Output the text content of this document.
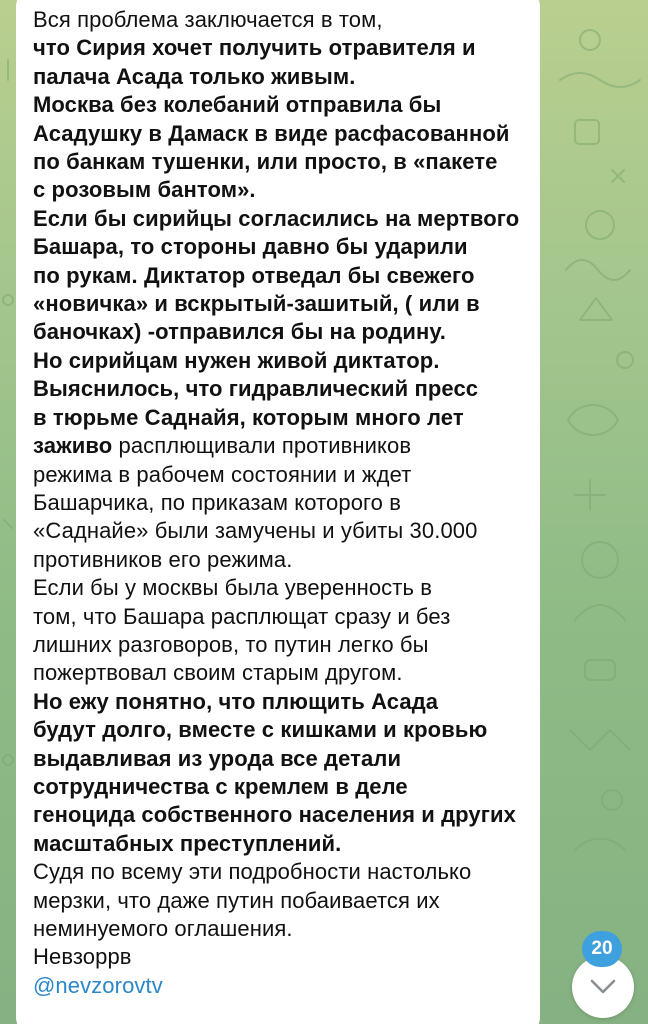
Вся проблема заключается в том,
что Сирия хочет получить отравителя и
палача Асада только живым.
Москва без колебаний отправила бы
Асадушку в Дамаск в виде расфасованной
по банкам тушенки, или просто, в «пакете
с розовым бантом».
Если бы сирийцы согласились на мертвого
Башара, то стороны давно бы ударили
по рукам. Диктатор отведал бы свежего
«новичка» и вскрытый-зашитый, ( или в
баночках) -отправился бы на родину.
Но сирийцам нужен живой диктатор.
Выяснилось, что гидравлический пресс
в тюрьме Саднайя, которым много лет
заживо расплющивали противников
режима в рабочем состоянии и ждет
Башарчика, по приказам которого в
«Саднайе» были замучены и убиты 30.000
противников его режима.
Если бы у москвы была уверенность в
том, что Башара расплющат сразу и без
лишних разговоров, то путин легко бы
пожертвовал своим старым другом.
Но ежу понятно, что плющить Асада
будут долго, вместе с кишками и кровью
выдавливая из урода все детали
сотрудничества с кремлем в деле
геноцида собственного населения и других
масштабных преступлений.
Судя по всему эти подробности настолько
мерзки, что даже путин побаивается их
неминуемого оглашения.
Невзоррв
@nevzorovtv

20
